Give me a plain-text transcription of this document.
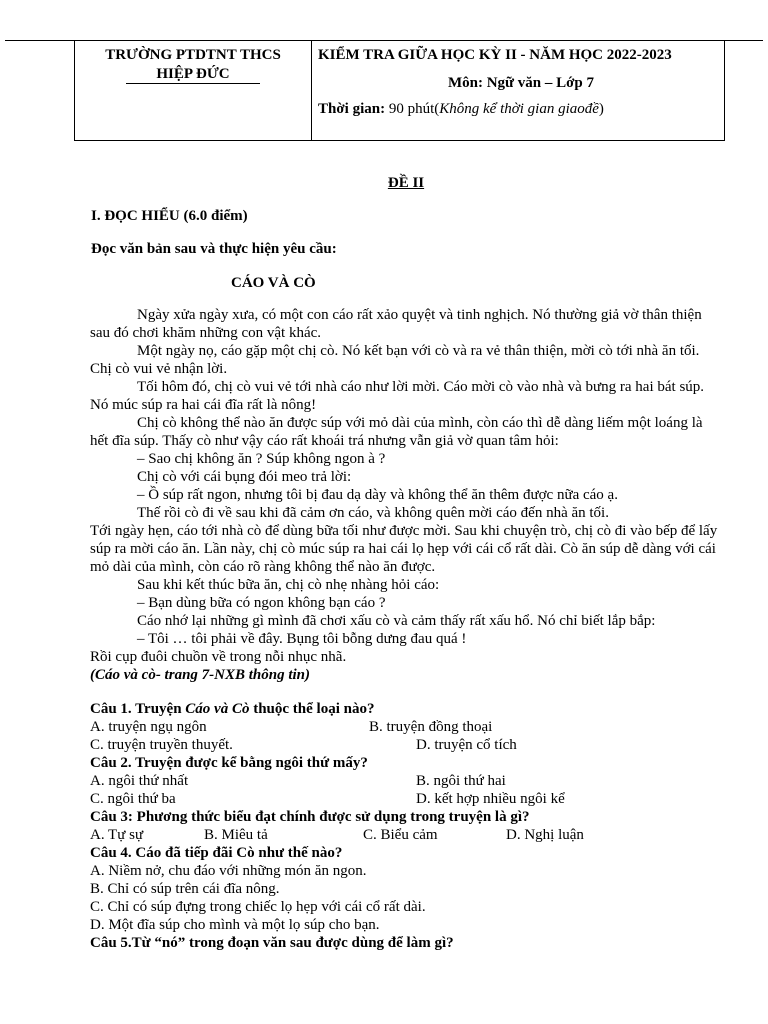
TRƯỜNG PTDTNT THCS
HIỆP ĐỨC	
KIỂM TRA GIỮA HỌC KỲ II - NĂM HỌC 2022-2023
Môn: Ngữ văn – Lớp 7
Thời gian: 90 phút(Không kể thời gian giaođề)
ĐỀ II
I. ĐỌC HIỂU (6.0 điểm)
Đọc văn bản sau và thực hiện yêu cầu:
CÁO VÀ CÒ

Ngày xửa ngày xưa, có một con cáo rất xảo quyệt và tinh nghịch. Nó thường giả vờ thân thiện sau đó chơi khăm những con vật khác.

Một ngày nọ, cáo gặp một chị cò. Nó kết bạn với cò và ra vẻ thân thiện, mời cò tới nhà ăn tối. Chị cò vui vẻ nhận lời.

Tối hôm đó, chị cò vui vẻ tới nhà cáo như lời mời. Cáo mời cò vào nhà và bưng ra hai bát súp. Nó múc súp ra hai cái đĩa rất là nông!

Chị cò không thể nào ăn được súp với mỏ dài của mình, còn cáo thì dễ dàng liếm một loáng là hết đĩa súp. Thấy cò như vậy cáo rất khoái trá nhưng vẫn giả vờ quan tâm hỏi:

– Sao chị không ăn ? Súp không ngon à ?

Chị cò với cái bụng đói meo trả lời:

– Ồ súp rất ngon, nhưng tôi bị đau dạ dày và không thể ăn thêm được nữa cáo ạ.

Thế rồi cò đi về sau khi đã cảm ơn cáo, và không quên mời cáo đến nhà ăn tối.

Tới ngày hẹn, cáo tới nhà cò để dùng bữa tối như được mời. Sau khi chuyện trò, chị cò đi vào bếp để lấy súp ra mời cáo ăn. Lần này, chị cò múc súp ra hai cái lọ hẹp với cái cổ rất dài. Cò ăn súp dễ dàng với cái mỏ dài của mình, còn cáo rõ ràng không thể nào ăn được.

Sau khi kết thúc bữa ăn, chị cò nhẹ nhàng hỏi cáo:

– Bạn dùng bữa có ngon không bạn cáo ?

Cáo nhớ lại những gì mình đã chơi xấu cò và cảm thấy rất xấu hổ. Nó chỉ biết lắp bắp:

– Tôi … tôi phải về đây. Bụng tôi bỗng dưng đau quá !

Rồi cụp đuôi chuồn về trong nỗi nhục nhã.

(Cáo và cò- trang 7-NXB thông tin)
Câu 1. Truyện Cáo và Cò thuộc thể loại nào?
A. truyện ngụ ngôn	B. truyện đồng thoại
C. truyện truyền thuyết.	D. truyện cổ tích
Câu 2. Truyện được kể bằng ngôi thứ mấy?
A. ngôi thứ nhất	B. ngôi thứ hai
C. ngôi thứ ba	D. kết hợp nhiều ngôi kể
Câu 3: Phương thức biểu đạt chính được sử dụng trong truyện là gì?
A. Tự sự	B. Miêu tả	C. Biểu cảm	D. Nghị luận
Câu 4. Cáo đã tiếp đãi Cò như thế nào?
A. Niềm nở, chu đáo với những món ăn ngon.
B. Chỉ có súp trên cái đĩa nông.
C. Chỉ có súp đựng trong chiếc lọ hẹp với cái cổ rất dài.
D. Một đĩa súp cho mình và một lọ súp cho bạn.
Câu 5.Từ “nó” trong đoạn văn sau được dùng để làm gì?
